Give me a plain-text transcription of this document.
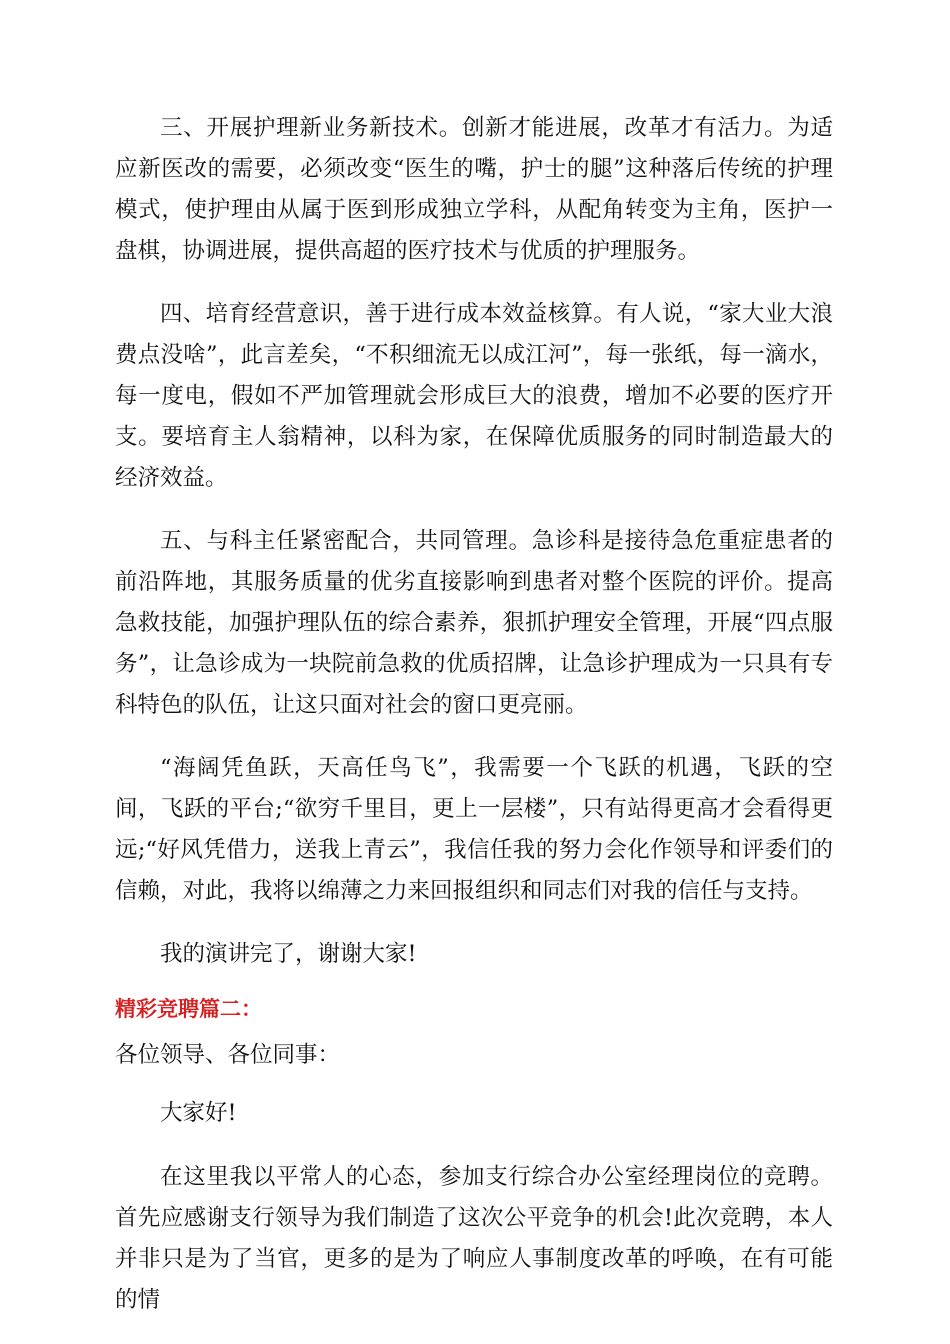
三、开展护理新业务新技术。创新才能进展，改革才有活力。为适应新医改的需要，必须改变“医生的嘴，护士的腿”这种落后传统的护理模式，使护理由从属于医到形成独立学科，从配角转变为主角，医护一盘棋，协调进展，提供高超的医疗技术与优质的护理服务。

四、培育经营意识，善于进行成本效益核算。有人说，“家大业大浪费点没啥”，此言差矣，“不积细流无以成江河”，每一张纸，每一滴水，每一度电，假如不严加管理就会形成巨大的浪费，增加不必要的医疗开支。要培育主人翁精神，以科为家，在保障优质服务的同时制造最大的经济效益。

五、与科主任紧密配合，共同管理。急诊科是接待急危重症患者的前沿阵地，其服务质量的优劣直接影响到患者对整个医院的评价。提高急救技能，加强护理队伍的综合素养，狠抓护理安全管理，开展“四点服务”，让急诊成为一块院前急救的优质招牌，让急诊护理成为一只具有专科特色的队伍，让这只面对社会的窗口更亮丽。

“海阔凭鱼跃，天高任鸟飞”，我需要一个飞跃的机遇，飞跃的空间，飞跃的平台;“欲穷千里目，更上一层楼”，只有站得更高才会看得更远;“好风凭借力，送我上青云”，我信任我的努力会化作领导和评委们的信赖，对此，我将以绵薄之力来回报组织和同志们对我的信任与支持。

我的演讲完了，谢谢大家!

精彩竞聘篇二：

各位领导、各位同事：

大家好!

在这里我以平常人的心态，参加支行综合办公室经理岗位的竞聘。首先应感谢支行领导为我们制造了这次公平竞争的机会!此次竞聘，本人并非只是为了当官，更多的是为了响应人事制度改革的呼唤，在有可能的情
